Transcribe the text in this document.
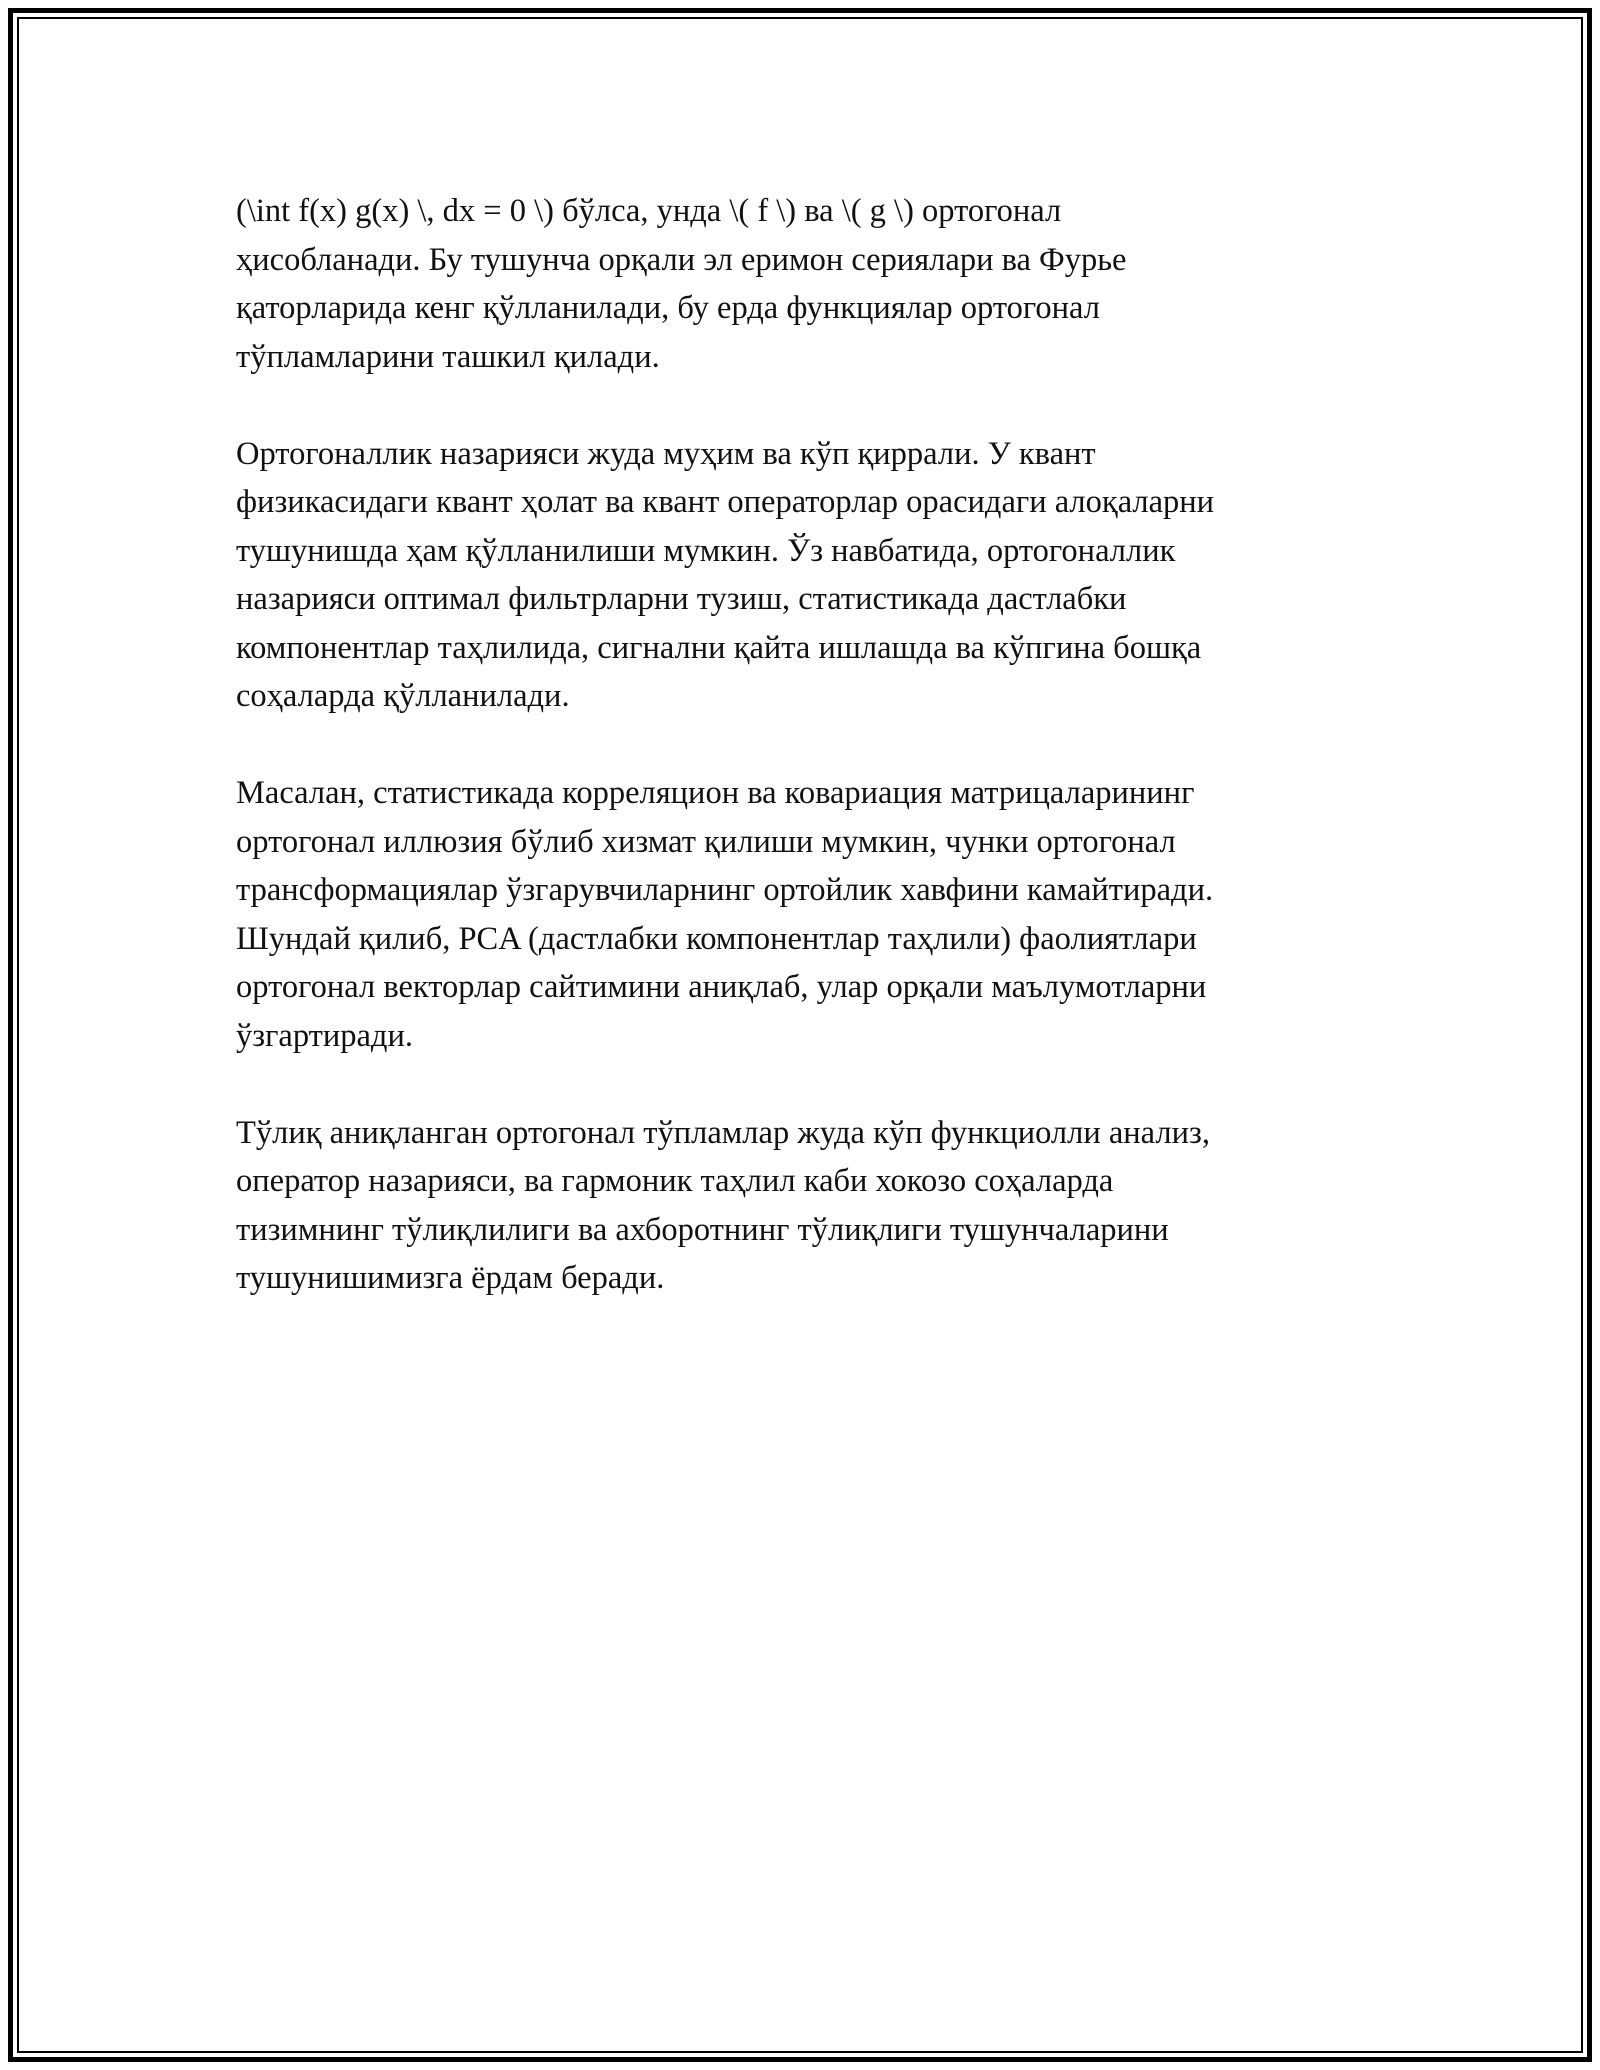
(\int f(x) g(x) \, dx = 0 \) бўлса, унда \( f \) ва \( g \) ортогонал
ҳисобланади. Бу тушунча орқали эл еримон сериялари ва Фурье
қаторларида кенг қўлланилади, бу ерда функциялар ортогонал
тўпламларини ташкил қилади.

Ортогоналлик назарияси жуда муҳим ва кўп қиррали. У квант
физикасидаги квант ҳолат ва квант операторлар орасидаги алоқаларни
тушунишда ҳам қўлланилиши мумкин. Ўз навбатида, ортогоналлик
назарияси оптимал фильтрларни тузиш, статистикада дастлабки
компонентлар таҳлилида, сигнални қайта ишлашда ва кўпгина бошқа
соҳаларда қўлланилади.

Масалан, статистикада корреляцион ва ковариация матрицаларининг
ортогонал иллюзия бўлиб хизмат қилиши мумкин, чунки ортогонал
трансформациялар ўзгарувчиларнинг ортойлик хавфини камайтиради.
Шундай қилиб, PCA (дастлабки компонентлар таҳлили) фаолиятлари
ортогонал векторлар сайтимини аниқлаб, улар орқали маълумотларни
ўзгартиради.

Тўлиқ аниқланган ортогонал тўпламлар жуда кўп функциолли анализ,
оператор назарияси, ва гармоник таҳлил каби хокозо соҳаларда
тизимнинг тўлиқлилиги ва ахборотнинг тўлиқлиги тушунчаларини
тушунишимизга ёрдам беради.
